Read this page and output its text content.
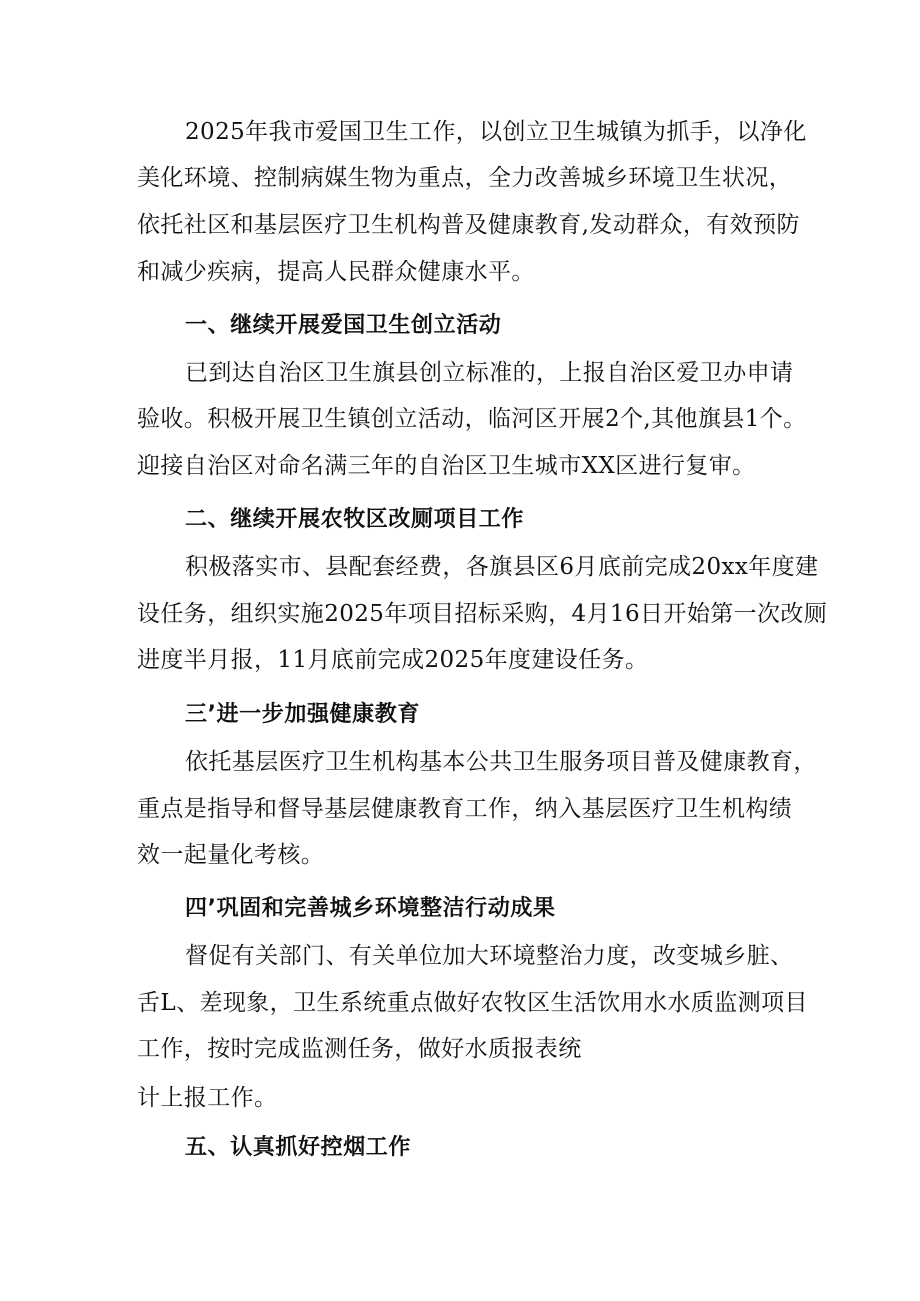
2025年我市爱国卫生工作，以创立卫生城镇为抓手，以净化
美化环境、控制病媒生物为重点，全力改善城乡环境卫生状况，
依托社区和基层医疗卫生机构普及健康教育,发动群众，有效预防
和减少疾病，提高人民群众健康水平。
一、继续开展爱国卫生创立活动
已到达自治区卫生旗县创立标准的，上报自治区爱卫办申请
验收。积极开展卫生镇创立活动，临河区开展2个,其他旗县1个。
迎接自治区对命名满三年的自治区卫生城市XX区进行复审。
二、继续开展农牧区改厕项目工作
积极落实市、县配套经费，各旗县区6月底前完成20xx年度建
设任务，组织实施2025年项目招标采购，4月16日开始第一次改厕
进度半月报，11月底前完成2025年度建设任务。
三’进一步加强健康教育
依托基层医疗卫生机构基本公共卫生服务项目普及健康教育，
重点是指导和督导基层健康教育工作，纳入基层医疗卫生机构绩
效一起量化考核。
四’巩固和完善城乡环境整洁行动成果
督促有关部门、有关单位加大环境整治力度，改变城乡脏、
舌L、差现象，卫生系统重点做好农牧区生活饮用水水质监测项目
工作，按时完成监测任务，做好水质报表统
计上报工作。
五、认真抓好控烟工作
